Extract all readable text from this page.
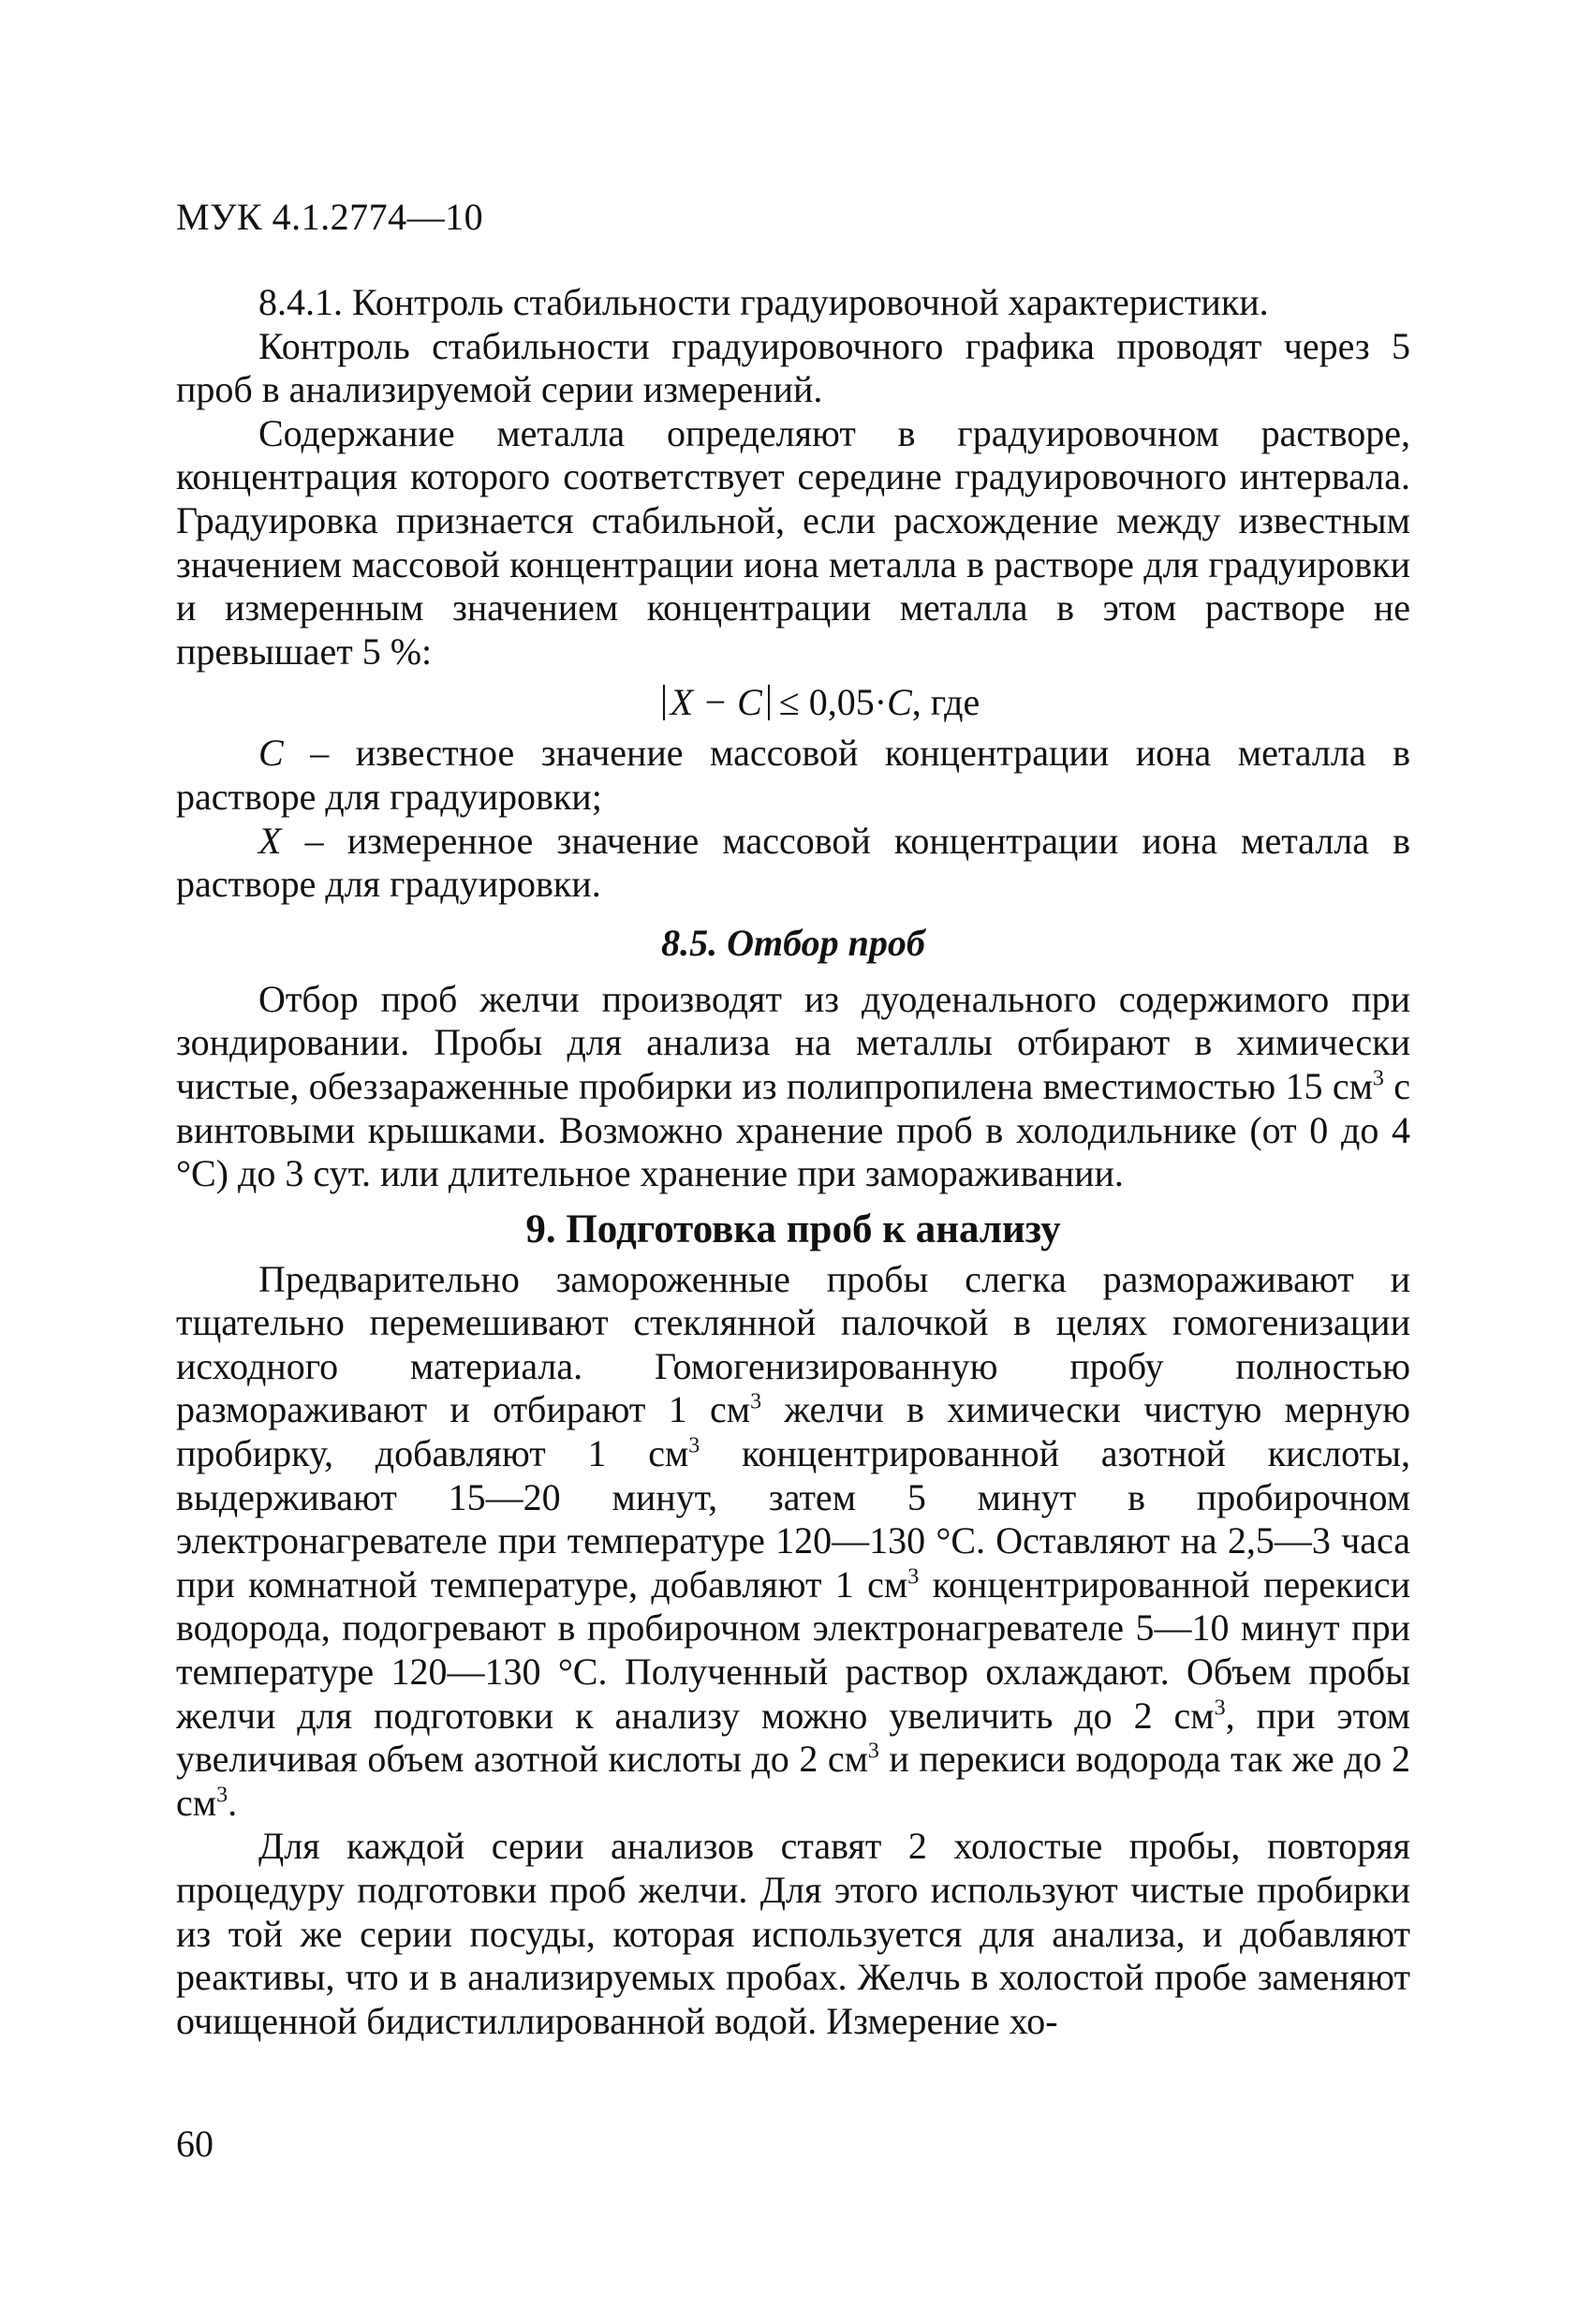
МУК 4.1.2774—10

8.4.1. Контроль стабильности градуировочной характеристики.

Контроль стабильности градуировочного графика проводят через 5 проб в анализируемой серии измерений.

Содержание металла определяют в градуировочном растворе, концентрация которого соответствует середине градуировочного интервала. Градуировка признается стабильной, если расхождение между известным значением массовой концентрации иона металла в растворе для градуировки и измеренным значением концентрации металла в этом растворе не превышает 5 %:

X − C ≤ 0,05·C, где

С – известное значение массовой концентрации иона металла в растворе для градуировки;

X – измеренное значение массовой концентрации иона металла в растворе для градуировки.

8.5. Отбор проб

Отбор проб желчи производят из дуоденального содержимого при зондировании. Пробы для анализа на металлы отбирают в химически чистые, обеззараженные пробирки из полипропилена вместимостью 15 $см^3$ с винтовыми крышками. Возможно хранение проб в холодильнике (от 0 до 4 °С) до 3 сут. или длительное хранение при замораживании.

9. Подготовка проб к анализу

Предварительно замороженные пробы слегка размораживают и тщательно перемешивают стеклянной палочкой в целях гомогенизации исходного материала. Гомогенизированную пробу полностью размораживают и отбирают 1 $см^3$ желчи в химически чистую мерную пробирку, добавляют 1 $см^3$ концентрированной азотной кислоты, выдерживают 15—20 минут, затем 5 минут в пробирочном электронагревателе при температуре 120—130 °С. Оставляют на 2,5—3 часа при комнатной температуре, добавляют 1 $см^3$ концентрированной перекиси водорода, подогревают в пробирочном электронагревателе 5—10 минут при температуре 120—130 °С. Полученный раствор охлаждают. Объем пробы желчи для подготовки к анализу можно увеличить до 2 $см^3$, при этом увеличивая объем азотной кислоты до 2 $см^3$ и перекиси водорода так же до 2 $см^3$.

Для каждой серии анализов ставят 2 холостые пробы, повторяя процедуру подготовки проб желчи. Для этого используют чистые пробирки из той же серии посуды, которая используется для анализа, и добавляют реактивы, что и в анализируемых пробах. Желчь в холостой пробе заменяют очищенной бидистиллированной водой. Измерение хо-

60
